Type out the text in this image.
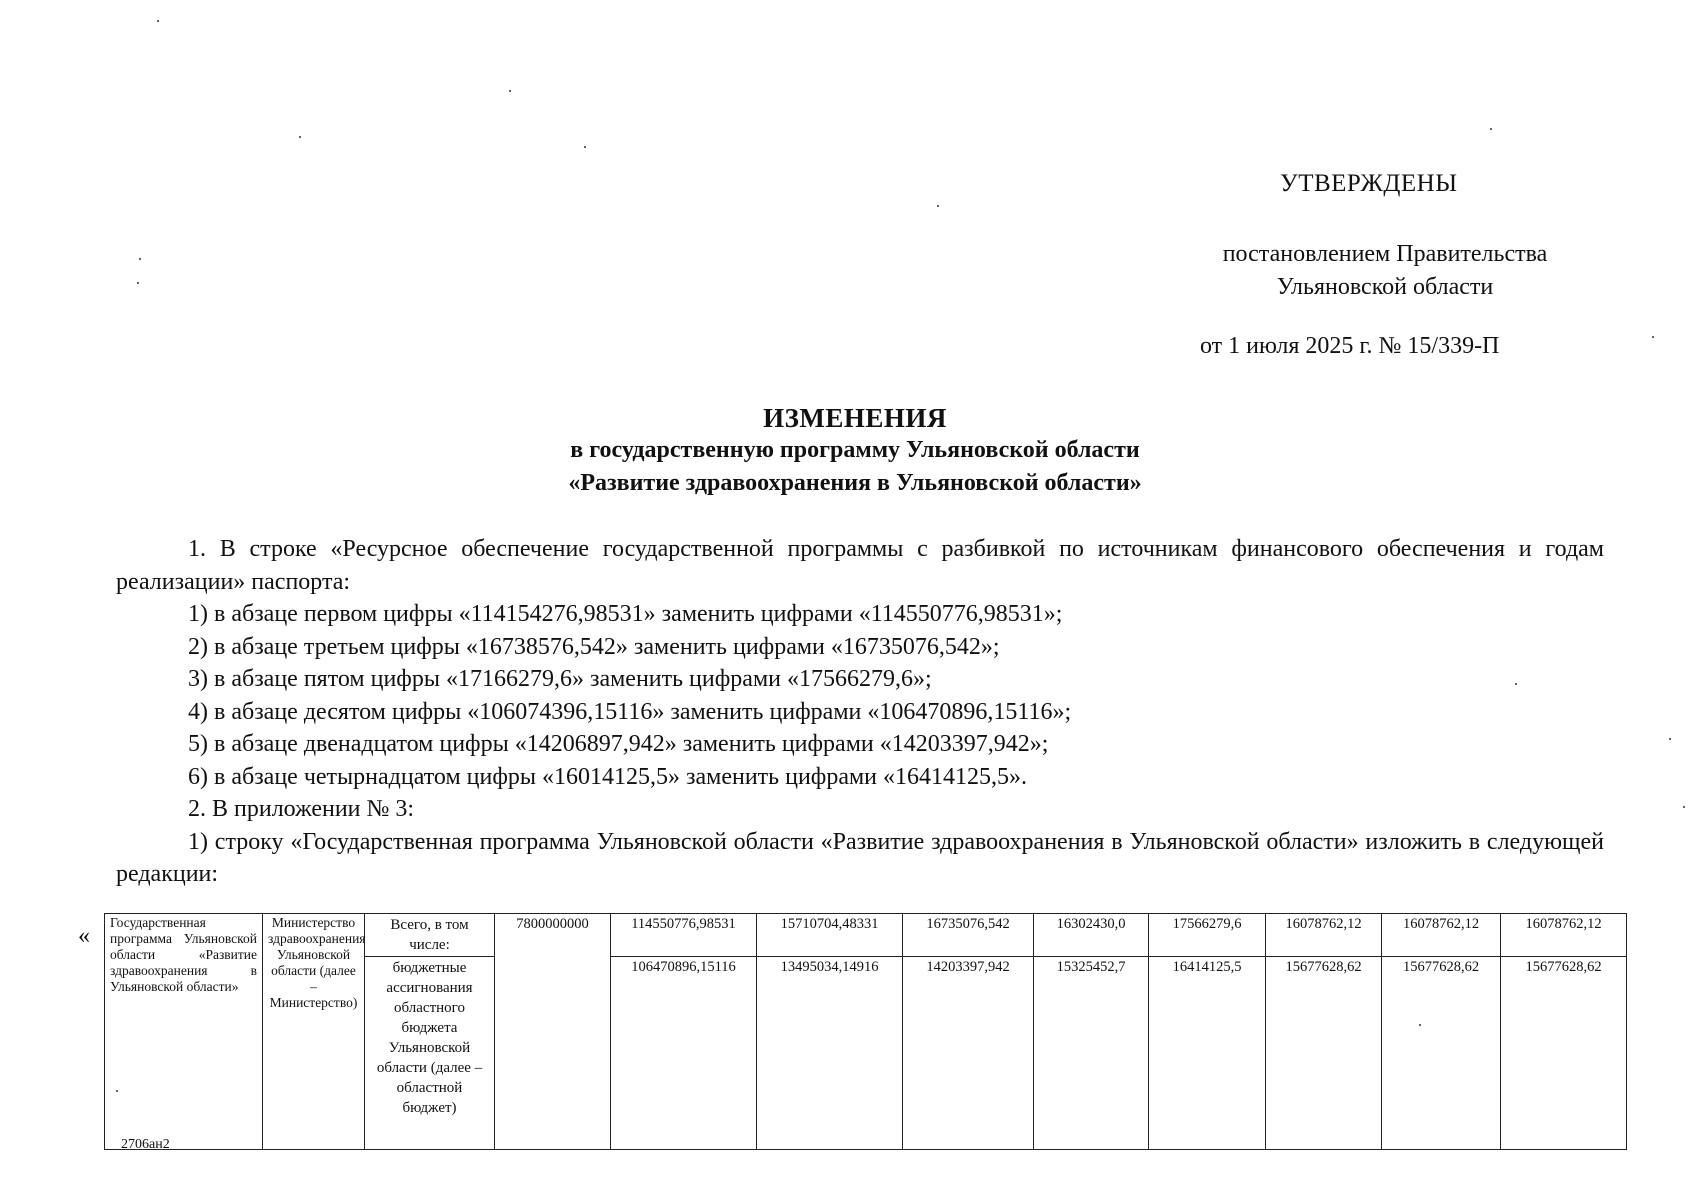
УТВЕРЖДЕНЫ
постановлением Правительства
Ульяновской области
от 1 июля 2025 г. № 15/339-П
ИЗМЕНЕНИЯ
в государственную программу Ульяновской области
«Развитие здравоохранения в Ульяновской области»

1. В строке «Ресурсное обеспечение государственной программы с разбивкой по источникам финансового обеспечения и годам реализации» паспорта:

1) в абзаце первом цифры «114154276,98531» заменить цифрами «114550776,98531»;

2) в абзаце третьем цифры «16738576,542» заменить цифрами «16735076,542»;

3) в абзаце пятом цифры «17166279,6» заменить цифрами «17566279,6»;

4) в абзаце десятом цифры «106074396,15116» заменить цифрами «106470896,15116»;

5) в абзаце двенадцатом цифры «14206897,942» заменить цифрами «14203397,942»;

6) в абзаце четырнадцатом цифры «16014125,5» заменить цифрами «16414125,5».

2. В приложении № 3:

1) строку «Государственная программа Ульяновской области «Развитие здравоохранения в Ульяновской области» изложить в следующей редакции:

«
Государственная программа Ульяновской области «Развитие здравоохранения в Ульяновской области»	Министерство здравоохранения Ульяновской области (далее – Министерство)	Всего, в том числе:	7800000000	114550776,98531	15710704,48331	16735076,542	16302430,0	17566279,6	16078762,12	16078762,12	16078762,12
		бюджетные ассигнования областного бюджета Ульяновской области (далее – областной бюджет)		106470896,15116	13495034,14916	14203397,942	15325452,7	16414125,5	15677628,62	15677628,62	15677628,62
2706ан2
